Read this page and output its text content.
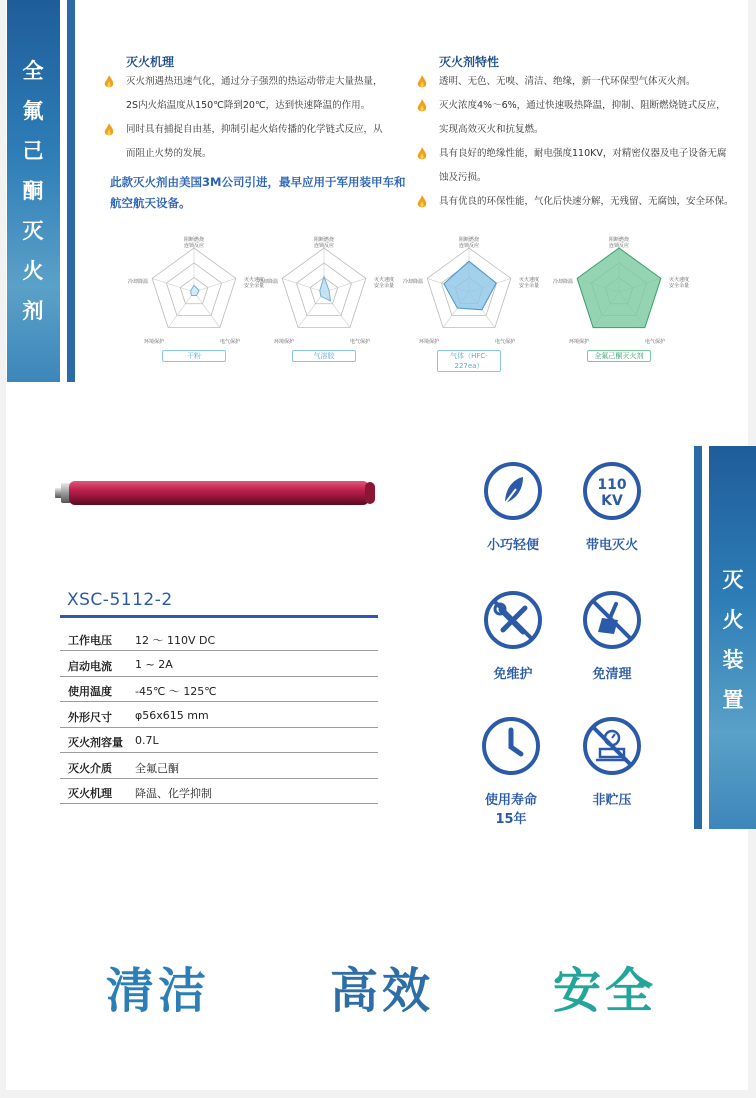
全
氟
己
酮
灭
火
剂
灭火机理
灭火剂遇热迅速气化，通过分子强烈的热运动带走大量热量，
2S内火焰温度从150℃降到20℃，达到快速降温的作用。
同时具有捕捉自由基，抑制引起火焰传播的化学链式反应，从
而阻止火势的发展。
此款灭火剂由美国3M公司引进，最早应用于军用装甲车和
航空航天设备。
灭火剂特性
透明、无色、无嗅、清洁、绝缘，新一代环保型气体灭火剂。
灭火浓度4%～6%，通过快速吸热降温，抑制、阻断燃烧链式反应，
实现高效灭火和抗复燃。
具有良好的绝缘性能，耐电强度110KV，对精密仪器及电子设备无腐
蚀及污损。
具有优良的环保性能，气化后快速分解，无残留、无腐蚀，安全环保。
阻断燃烧
连锁反应
灭火速度
安全余量
冷却降温
环境保护	电气保护
干粉
阻断燃烧
连锁反应
灭火速度
安全余量
冷却降温
环境保护	电气保护
气溶胶
阻断燃烧
连锁反应
灭火速度
安全余量
冷却降温
环境保护	电气保护
气体（HFC-227ea）
阻断燃烧
连锁反应
灭火速度
安全余量
冷却降温
环境保护	电气保护
全氟己酮灭火剂
XSC-5112-2
工作电压 12 ～ 110V DC
启动电流 1 ~ 2A
使用温度 -45℃ ～ 125℃
外形尺寸 φ56x615 mm
灭火剂容量 0.7L
灭火介质 全氟己酮
灭火机理 降温、化学抑制
小巧轻便
110
KV
带电灭火
免维护	免清理
使用寿命15年
非贮压
灭
火
装
置
清洁 高效 安全
